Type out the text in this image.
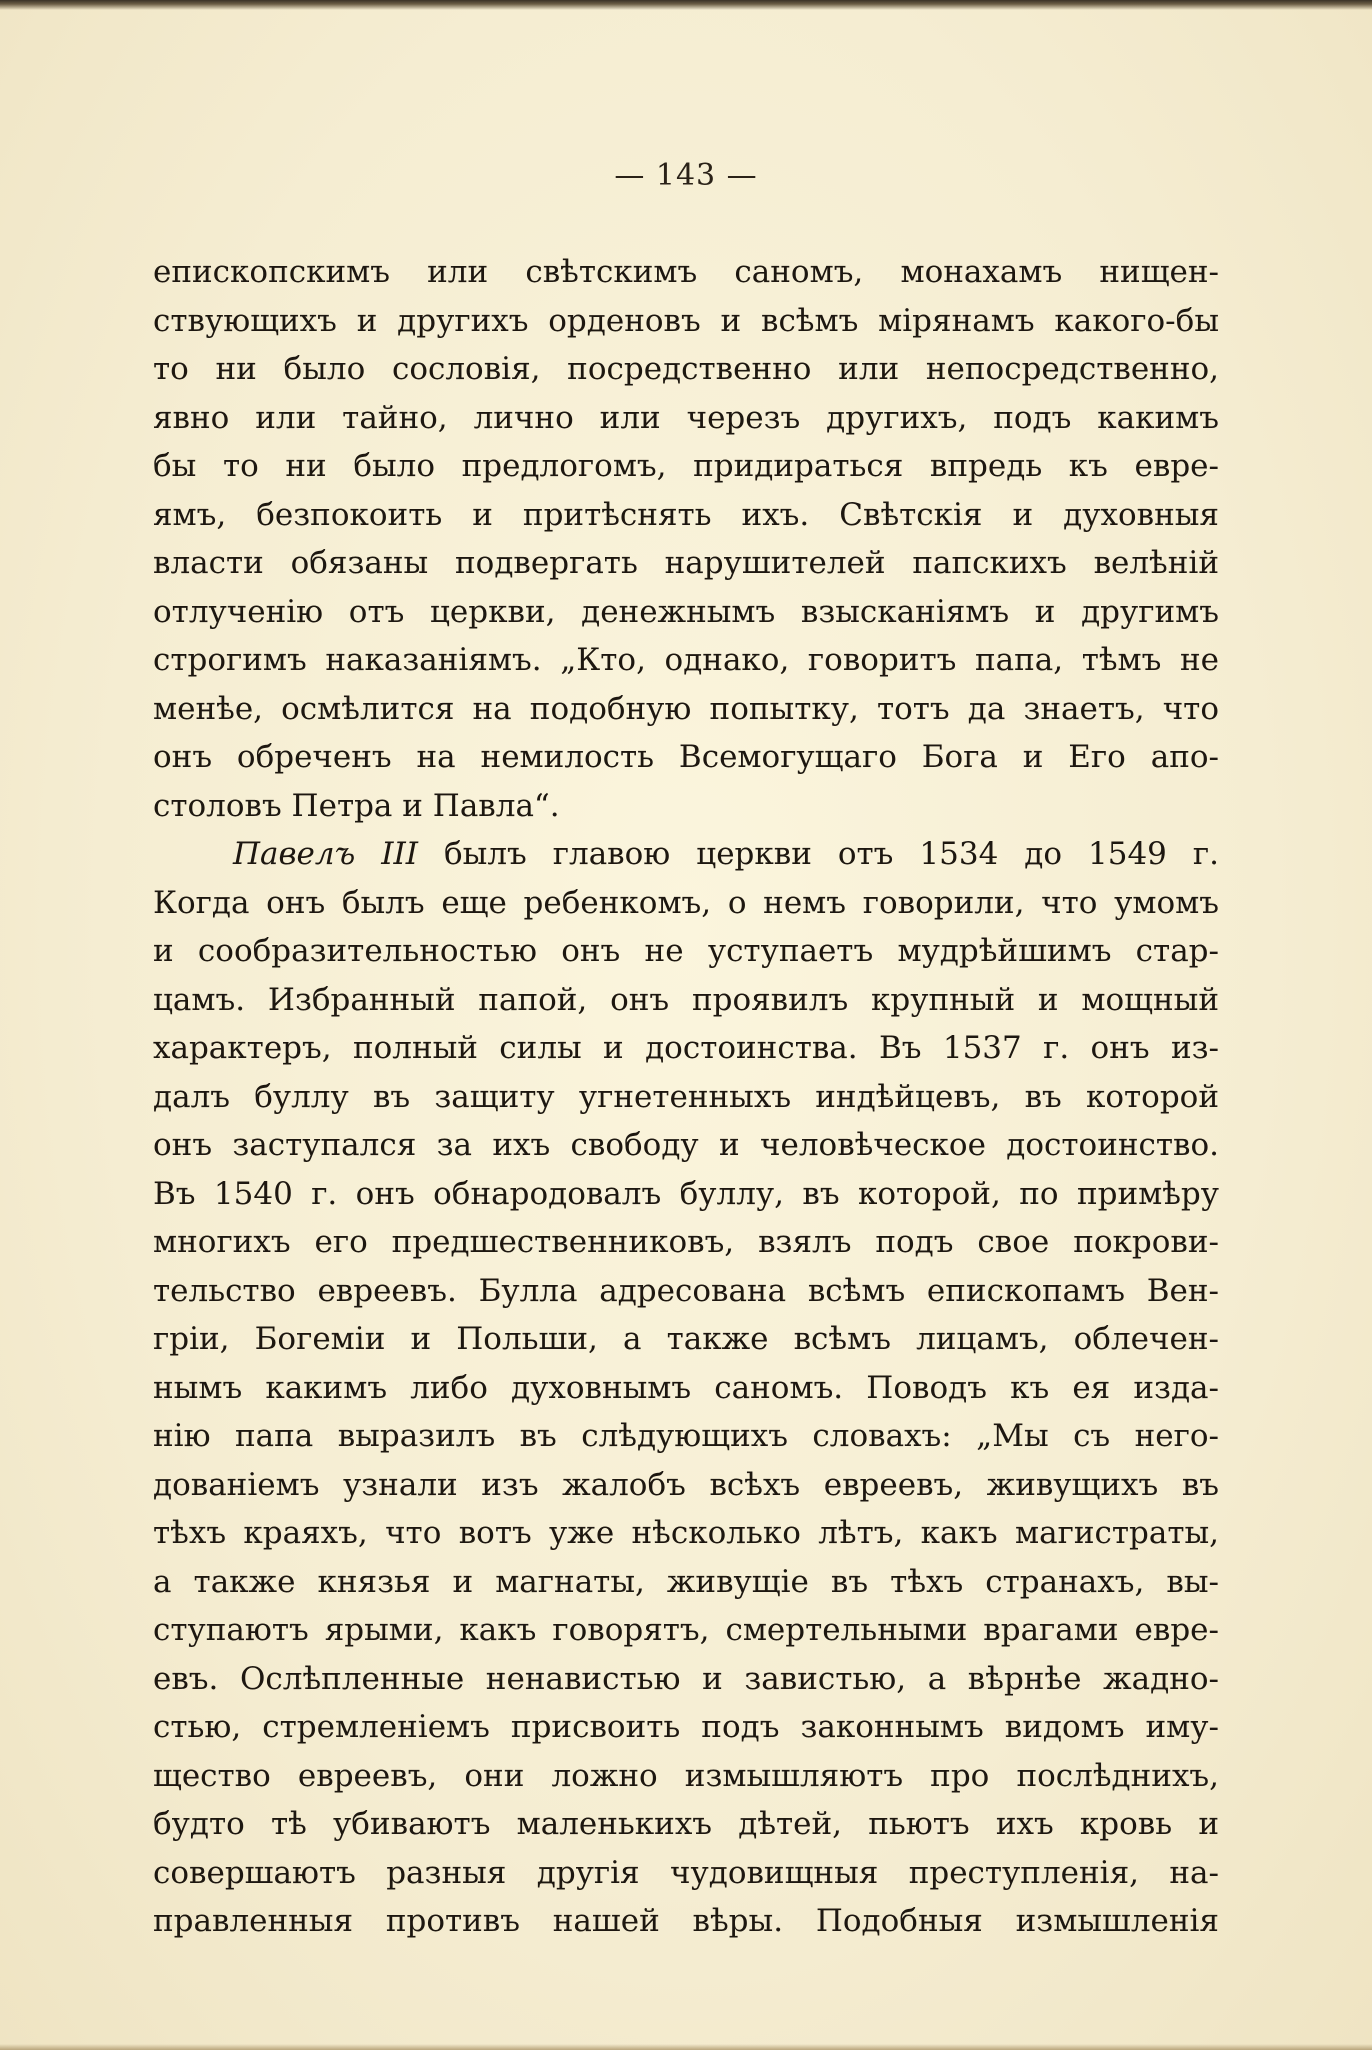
— 143 —
епископскимъ или свѣтскимъ саномъ, монахамъ нищен-
ствующихъ и другихъ орденовъ и всѣмъ мірянамъ какого-бы
то ни было сословія, посредственно или непосредственно,
явно или тайно, лично или черезъ другихъ, подъ какимъ
бы то ни было предлогомъ, придираться впредь къ евре-
ямъ, безпокоить и притѣснять ихъ. Свѣтскія и духовныя
власти обязаны подвергать нарушителей папскихъ велѣній
отлученію отъ церкви, денежнымъ взысканіямъ и другимъ
строгимъ наказаніямъ. „Кто, однако, говоритъ папа, тѣмъ не
менѣе, осмѣлится на подобную попытку, тотъ да знаетъ, что
онъ обреченъ на немилость Всемогущаго Бога и Его апо-
столовъ Петра и Павла“.
Павелъ III былъ главою церкви отъ 1534 до 1549 г.
Когда онъ былъ еще ребенкомъ, о немъ говорили, что умомъ
и сообразительностью онъ не уступаетъ мудрѣйшимъ стар-
цамъ. Избранный папой, онъ проявилъ крупный и мощный
характеръ, полный силы и достоинства. Въ 1537 г. онъ из-
далъ буллу въ защиту угнетенныхъ индѣйцевъ, въ которой
онъ заступался за ихъ свободу и человѣческое достоинство.
Въ 1540 г. онъ обнародовалъ буллу, въ которой, по примѣру
многихъ его предшественниковъ, взялъ подъ свое покрови-
тельство евреевъ. Булла адресована всѣмъ епископамъ Вен-
гріи, Богеміи и Польши, а также всѣмъ лицамъ, облечен-
нымъ какимъ либо духовнымъ саномъ. Поводъ къ ея изда-
нію папа выразилъ въ слѣдующихъ словахъ: „Мы съ него-
дованіемъ узнали изъ жалобъ всѣхъ евреевъ, живущихъ въ
тѣхъ краяхъ, что вотъ уже нѣсколько лѣтъ, какъ магистраты,
а также князья и магнаты, живущіе въ тѣхъ странахъ, вы-
ступаютъ ярыми, какъ говорятъ, смертельными врагами евре-
евъ. Ослѣпленные ненавистью и завистью, а вѣрнѣе жадно-
стью, стремленіемъ присвоить подъ законнымъ видомъ иму-
щество евреевъ, они ложно измышляютъ про послѣднихъ,
будто тѣ убиваютъ маленькихъ дѣтей, пьютъ ихъ кровь и
совершаютъ разныя другія чудовищныя преступленія, на-
правленныя противъ нашей вѣры. Подобныя измышленія
